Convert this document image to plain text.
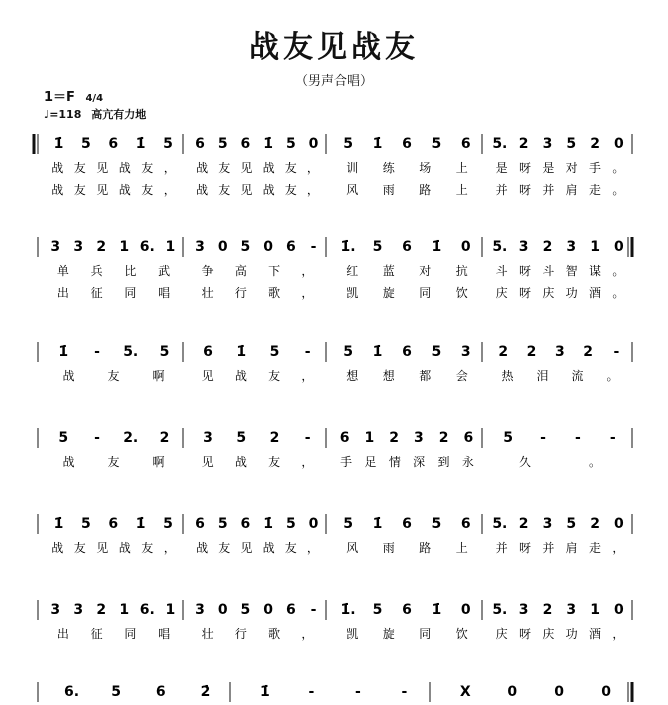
战友见战友
（男声合唱）
1＝F 4/4
♩=118 高亢有力地
1̇ 5 6 1̇ 5 6 5 6 1̇ 5 0 5 1̇ 6 5 6 5. 2 3 5 2 0
战 友 见 战 友 ， 战 友 见 战 友 ， 训 练 场 上 是 呀 是 对 手 。
战 友 见 战 友 ， 战 友 见 战 友 ， 风 雨 路 上 并 呀 并 肩 走 。
3 3 2 1 6. 1 3 0 5 0 6 - 1̇. 5 6 1̇ 0 5. 3 2 3 1 0
单 兵 比 武	争 高 下 ，	红 蓝 对 抗 斗 呀 斗 智 谋 。
出 征 同 唱	壮 行 歌 ，	凯 旋 同 饮 庆 呀 庆 功 酒 。
1̇ - 5. 5 6 1̇ 5 - 5 1̇ 6 5 3 2 2 3 2 -
战	友	啊	见 战 友 ，	想 想 都 会	热 泪 流 。
5 - 2. 2 3 5 2 - 6 1 2 3 2 6 5 - - -
战	友	啊	见 战 友 ， 手 足 情 深 到 永	久	。
1̇ 5 6 1̇ 5 6 5 6 1̇ 5 0 5 1̇ 6 5 6 5. 2 3 5 2 0
战 友 见 战 友 ， 战 友 见 战 友 ， 风 雨 路 上 并 呀 并 肩 走 ，
3 3 2 1 6. 1 3 0 5 0 6 - 1̇. 5 6 1̇ 0 5. 3 2 3 1 0
出 征 同 唱	壮 行 歌 ，	凯 旋 同 饮 庆 呀 庆 功 酒 ，
6. 5 6 2̇	1̇	-	-	-	X	0	0	0
